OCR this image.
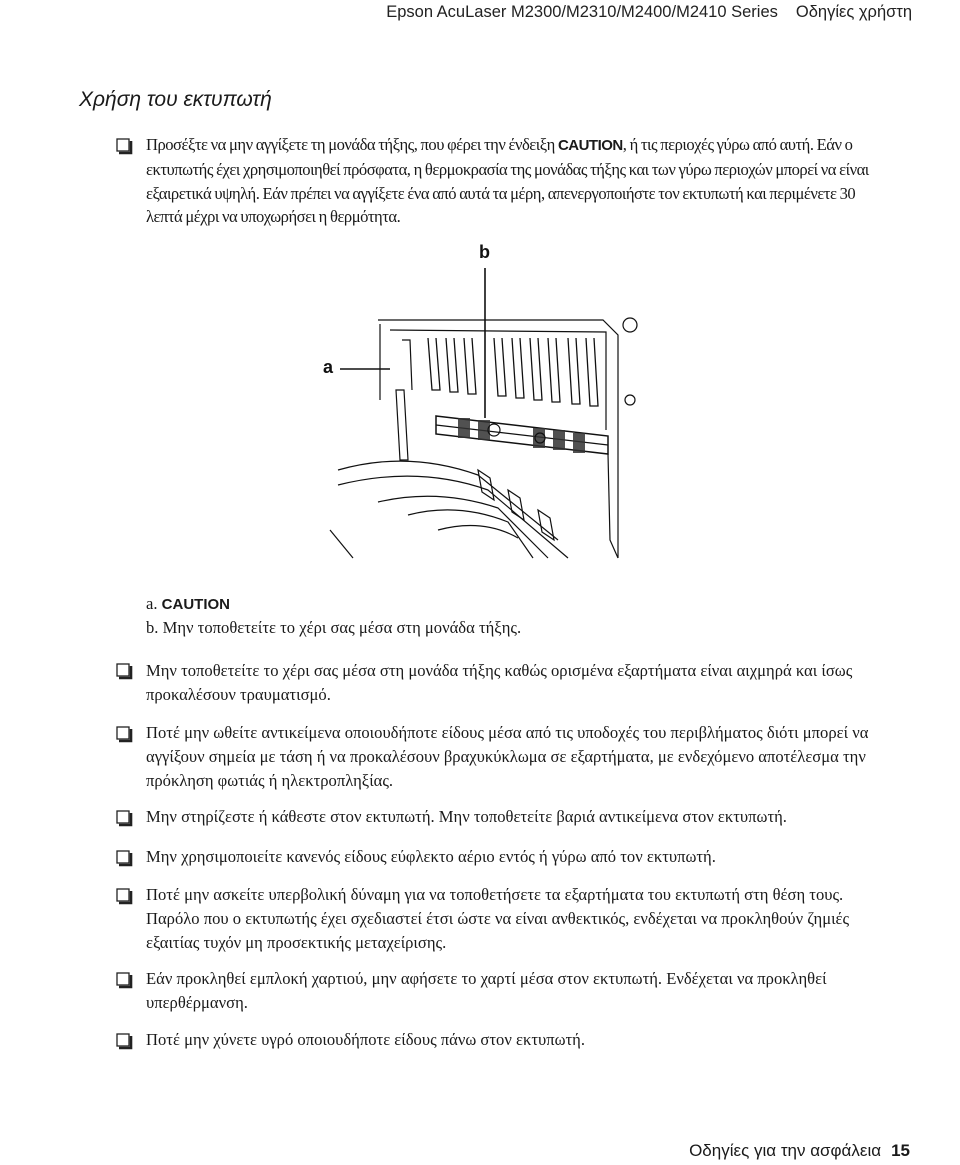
Epson AcuLaser M2300/M2310/M2400/M2410 Series Οδηγίες χρήστη
Χρήση του εκτυπωτή

Προσέξτε να μην αγγίξετε τη μονάδα τήξης, που φέρει την ένδειξη CAUTION, ή τις περιοχές γύρω από αυτή. Εάν ο εκτυπωτής έχει χρησιμοποιηθεί πρόσφατα, η θερμοκρασία της μονάδας τήξης και των γύρω περιοχών μπορεί να είναι εξαιρετικά υψηλή. Εάν πρέπει να αγγίξετε ένα από αυτά τα μέρη, απενεργοποιήστε τον εκτυπωτή και περιμένετε 30 λεπτά μέχρι να υποχωρήσει η θερμότητα.

b
a
a. CAUTION
b. Μην τοποθετείτε το χέρι σας μέσα στη μονάδα τήξης.

Μην τοποθετείτε το χέρι σας μέσα στη μονάδα τήξης καθώς ορισμένα εξαρτήματα είναι αιχμηρά και ίσως προκαλέσουν τραυματισμό.

Ποτέ μην ωθείτε αντικείμενα οποιουδήποτε είδους μέσα από τις υποδοχές του περιβλήματος διότι μπορεί να αγγίξουν σημεία με τάση ή να προκαλέσουν βραχυκύκλωμα σε εξαρτήματα, με ενδεχόμενο αποτέλεσμα την πρόκληση φωτιάς ή ηλεκτροπληξίας.

Μην στηρίζεστε ή κάθεστε στον εκτυπωτή. Μην τοποθετείτε βαριά αντικείμενα στον εκτυπωτή.

Μην χρησιμοποιείτε κανενός είδους εύφλεκτο αέριο εντός ή γύρω από τον εκτυπωτή.

Ποτέ μην ασκείτε υπερβολική δύναμη για να τοποθετήσετε τα εξαρτήματα του εκτυπωτή στη θέση τους. Παρόλο που ο εκτυπωτής έχει σχεδιαστεί έτσι ώστε να είναι ανθεκτικός, ενδέχεται να προκληθούν ζημιές εξαιτίας τυχόν μη προσεκτικής μεταχείρισης.

Εάν προκληθεί εμπλοκή χαρτιού, μην αφήσετε το χαρτί μέσα στον εκτυπωτή. Ενδέχεται να προκληθεί υπερθέρμανση.

Ποτέ μην χύνετε υγρό οποιουδήποτε είδους πάνω στον εκτυπωτή.

Οδηγίες για την ασφάλεια 15
